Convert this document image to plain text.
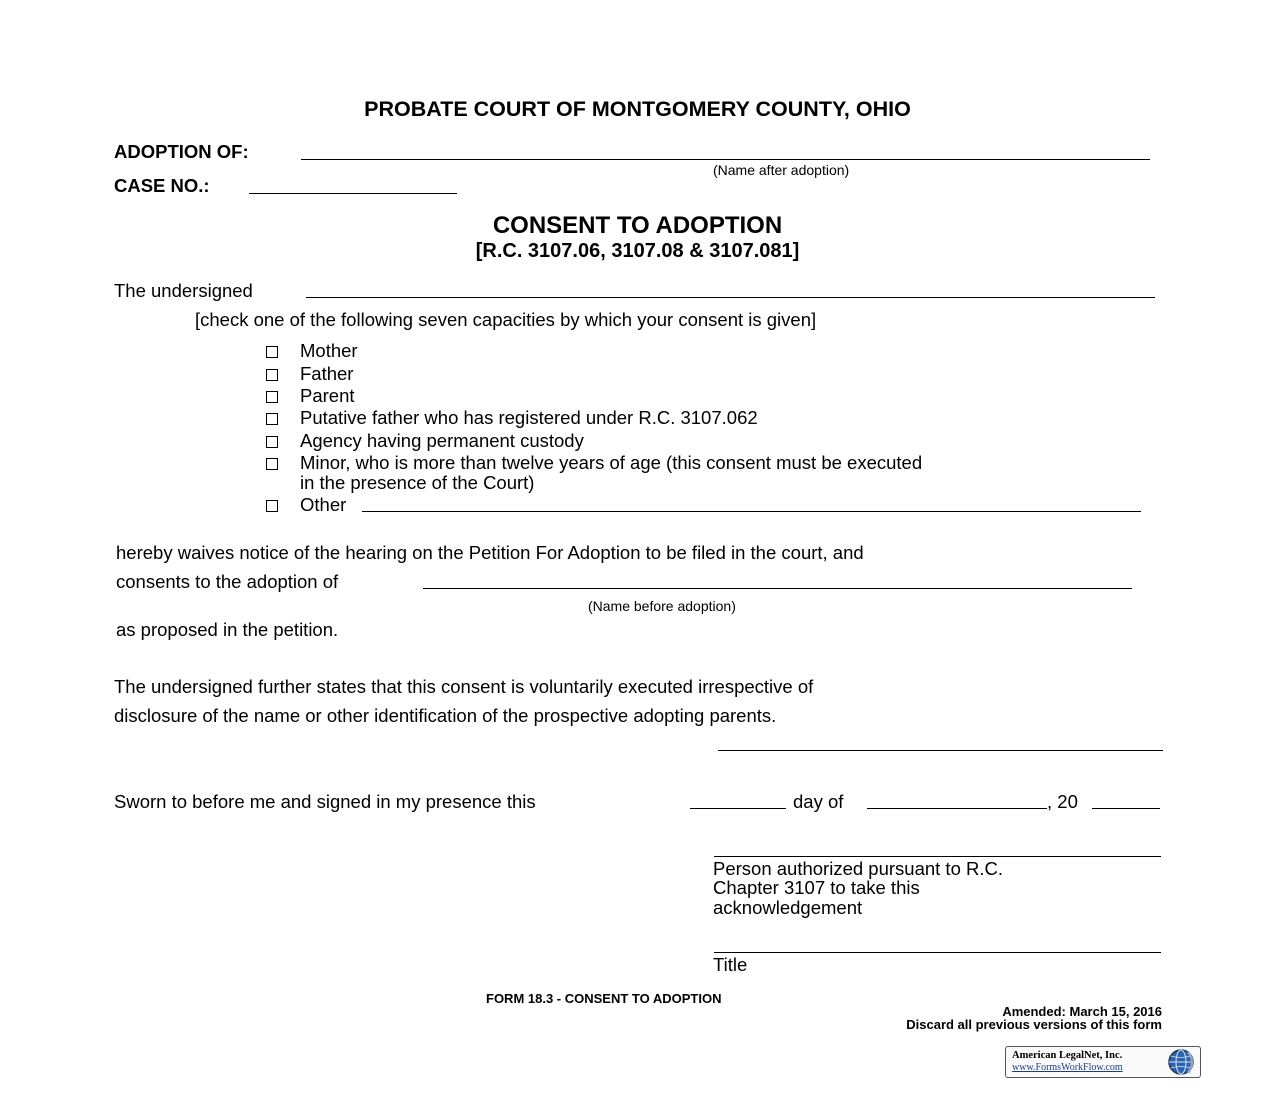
PROBATE COURT OF MONTGOMERY COUNTY, OHIO
ADOPTION OF:
(Name after adoption)
CASE NO.:
CONSENT TO ADOPTION
[R.C. 3107.06, 3107.08 & 3107.081]
The undersigned
[check one of the following seven capacities by which your consent is given]
Mother
Father
Parent
Putative father who has registered under R.C. 3107.062
Agency having permanent custody
Minor, who is more than twelve years of age (this consent must be executed
in the presence of the Court)
Other
hereby waives notice of the hearing on the Petition For Adoption to be filed in the court, and
consents to the adoption of
(Name before adoption)
as proposed in the petition.
The undersigned further states that this consent is voluntarily executed irrespective of
disclosure of the name or other identification of the prospective adopting parents.
Sworn to before me and signed in my presence this	day of	, 20
Person authorized pursuant to R.C.
Chapter 3107 to take this
acknowledgement
Title
FORM 18.3 - CONSENT TO ADOPTION
Amended: March 15, 2016
Discard all previous versions of this form
American LegalNet, Inc.
www.FormsWorkFlow.com
